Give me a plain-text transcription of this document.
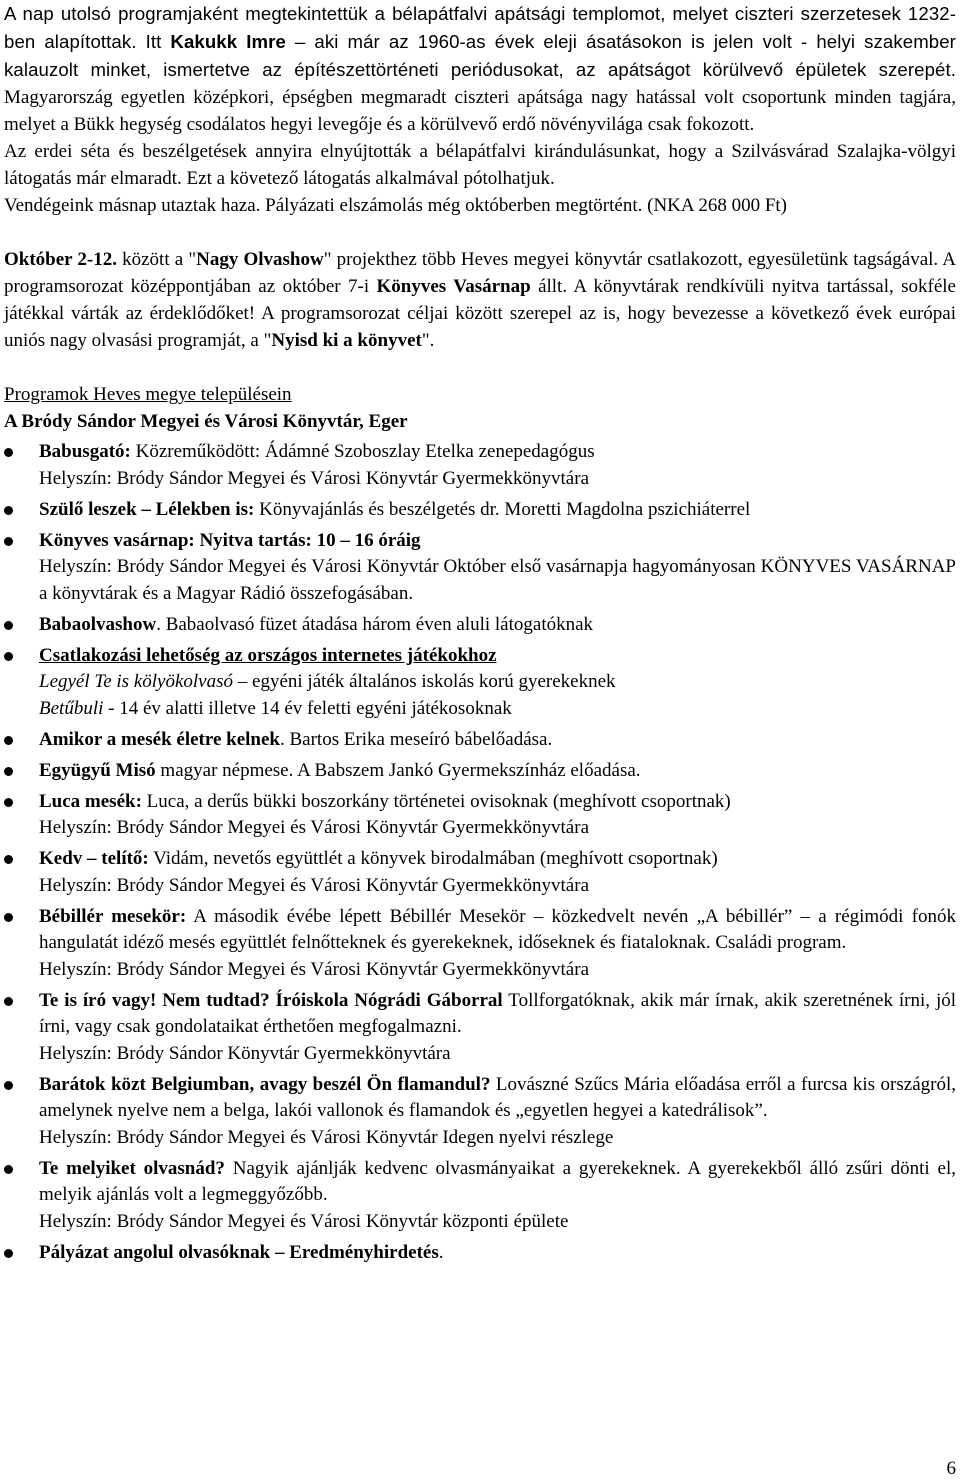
A nap utolsó programjaként megtekintettük a bélapátfalvi apátsági templomot, melyet ciszteri szerzetesek 1232-ben alapítottak. Itt Kakukk Imre – aki már az 1960-as évek eleji ásatásokon is jelen volt - helyi szakember kalauzolt minket, ismertetve az építészettörténeti periódusokat, az apátságot körülvevő épületek szerepét. Magyarország egyetlen középkori, épségben megmaradt ciszteri apátsága nagy hatással volt csoportunk minden tagjára, melyet a Bükk hegység csodálatos hegyi levegője és a körülvevő erdő növényvilága csak fokozott.

Az erdei séta és beszélgetések annyira elnyújtották a bélapátfalvi kirándulásunkat, hogy a Szilvásvárad Szalajka-völgyi látogatás már elmaradt. Ezt a követező látogatás alkalmával pótolhatjuk.

Vendégeink másnap utaztak haza. Pályázati elszámolás még októberben megtörtént. (NKA 268 000 Ft)

Október 2-12. között a "Nagy Olvashow" projekthez több Heves megyei könyvtár csatlakozott, egyesületünk tagságával. A programsorozat középpontjában az október 7-i Könyves Vasárnap állt. A könyvtárak rendkívüli nyitva tartással, sokféle játékkal várták az érdeklődőket! A programsorozat céljai között szerepel az is, hogy bevezesse a következő évek európai uniós nagy olvasási programját, a "Nyisd ki a könyvet".

Programok Heves megye településein

A Bródy Sándor Megyei és Városi Könyvtár, Eger

Babusgató: Közreműködött: Ádámné Szoboszlay Etelka zenepedagógus
Helyszín: Bródy Sándor Megyei és Városi Könyvtár Gyermekkönyvtára
Szülő leszek – Lélekben is: Könyvajánlás és beszélgetés dr. Moretti Magdolna pszichiáterrel
Könyves vasárnap: Nyitva tartás: 10 – 16 óráig
Helyszín: Bródy Sándor Megyei és Városi Könyvtár Október első vasárnapja hagyományosan KÖNYVES VASÁRNAP a könyvtárak és a Magyar Rádió összefogásában.
Babaolvashow. Babaolvasó füzet átadása három éven aluli látogatóknak
Csatlakozási lehetőség az országos internetes játékokhoz
Legyél Te is kölyökolvasó – egyéni játék általános iskolás korú gyerekeknek
Betűbuli - 14 év alatti illetve 14 év feletti egyéni játékosoknak
Amikor a mesék életre kelnek. Bartos Erika meseíró bábelőadása.
Együgyű Misó magyar népmese. A Babszem Jankó Gyermekszínház előadása.
Luca mesék: Luca, a derűs bükki boszorkány történetei ovisoknak (meghívott csoportnak)
Helyszín: Bródy Sándor Megyei és Városi Könyvtár Gyermekkönyvtára
Kedv – telítő: Vidám, nevetős együttlét a könyvek birodalmában (meghívott csoportnak)
Helyszín: Bródy Sándor Megyei és Városi Könyvtár Gyermekkönyvtára
Bébillér mesekör: A második évébe lépett Bébillér Mesekör – közkedvelt nevén „A bébillér” – a régimódi fonók hangulatát idéző mesés együttlét felnőtteknek és gyerekeknek, időseknek és fiataloknak. Családi program.
Helyszín: Bródy Sándor Megyei és Városi Könyvtár Gyermekkönyvtára
Te is író vagy! Nem tudtad? Íróiskola Nógrádi Gáborral Tollforgatóknak, akik már írnak, akik szeretnének írni, jól írni, vagy csak gondolataikat érthetően megfogalmazni.
Helyszín: Bródy Sándor Könyvtár Gyermekkönyvtára
Barátok közt Belgiumban, avagy beszél Ön flamandul? Lovászné Szűcs Mária előadása erről a furcsa kis országról, amelynek nyelve nem a belga, lakói vallonok és flamandok és „egyetlen hegyei a katedrálisok”.
Helyszín: Bródy Sándor Megyei és Városi Könyvtár Idegen nyelvi részlege
Te melyiket olvasnád? Nagyik ajánlják kedvenc olvasmányaikat a gyerekeknek. A gyerekekből álló zsűri dönti el, melyik ajánlás volt a legmeggyőzőbb.
Helyszín: Bródy Sándor Megyei és Városi Könyvtár központi épülete
Pályázat angolul olvasóknak – Eredményhirdetés.
6
